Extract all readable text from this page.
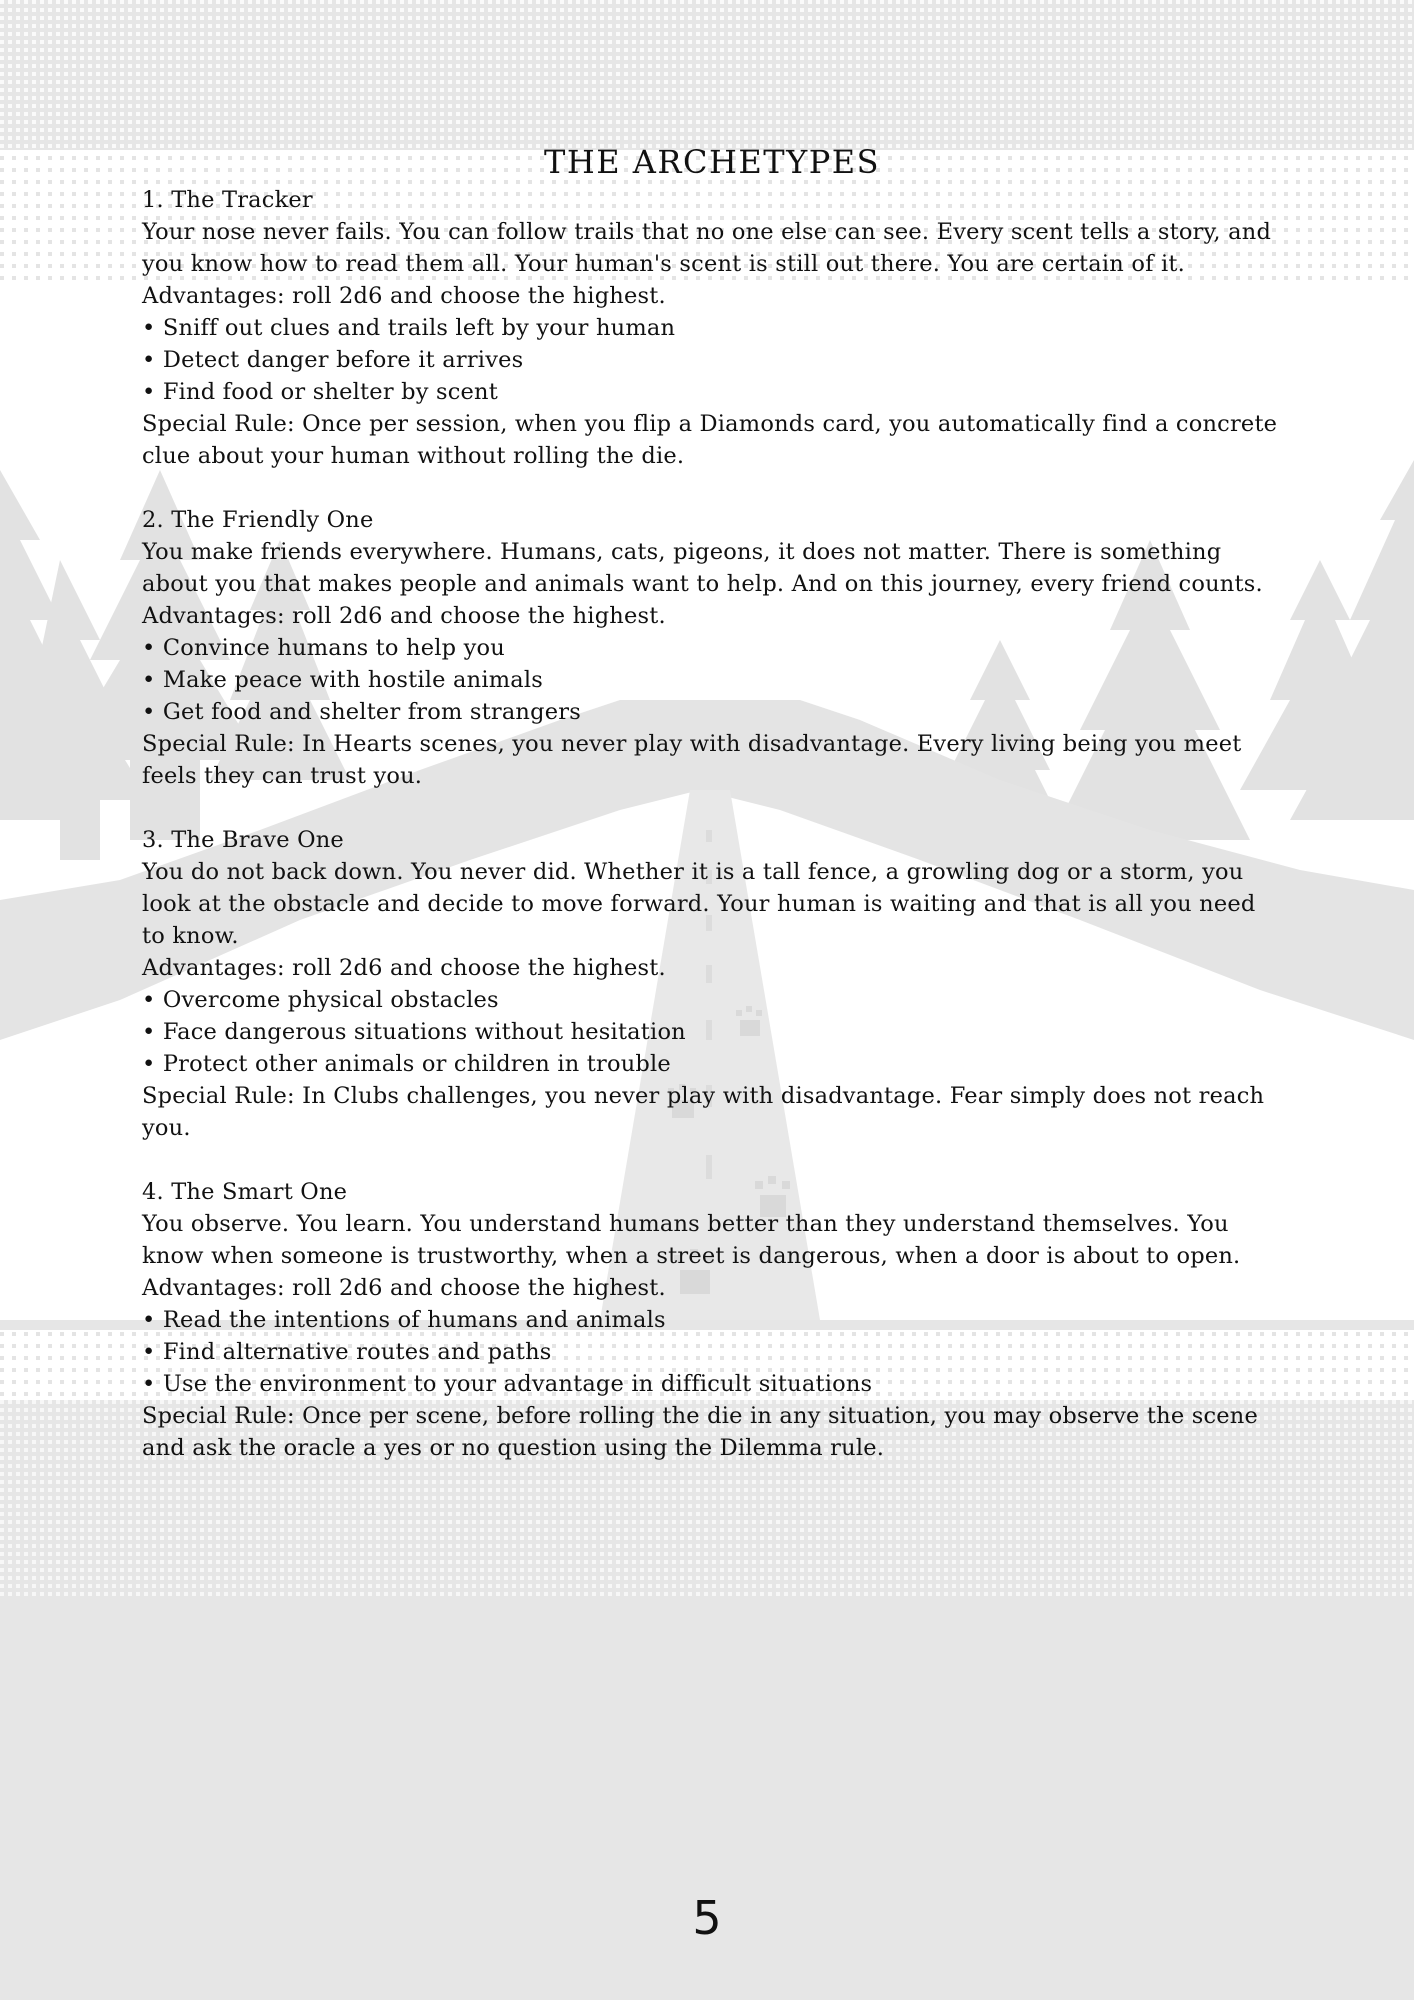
THE ARCHETYPES

1. The Tracker

Your nose never fails. You can follow trails that no one else can see. Every scent tells a story, and you know how to read them all. Your human's scent is still out there. You are certain of it.

Advantages: roll 2d6 and choose the highest.

• Sniff out clues and trails left by your human

• Detect danger before it arrives

• Find food or shelter by scent

Special Rule: Once per session, when you flip a Diamonds card, you automatically find a concrete clue about your human without rolling the die.

2. The Friendly One

You make friends everywhere. Humans, cats, pigeons, it does not matter. There is something about you that makes people and animals want to help. And on this journey, every friend counts.

Advantages: roll 2d6 and choose the highest.

• Convince humans to help you

• Make peace with hostile animals

• Get food and shelter from strangers

Special Rule: In Hearts scenes, you never play with disadvantage. Every living being you meet feels they can trust you.

3. The Brave One

You do not back down. You never did. Whether it is a tall fence, a growling dog or a storm, you look at the obstacle and decide to move forward. Your human is waiting and that is all you need to know.

Advantages: roll 2d6 and choose the highest.

• Overcome physical obstacles

• Face dangerous situations without hesitation

• Protect other animals or children in trouble

Special Rule: In Clubs challenges, you never play with disadvantage. Fear simply does not reach you.

4. The Smart One

You observe. You learn. You understand humans better than they understand themselves. You know when someone is trustworthy, when a street is dangerous, when a door is about to open.

Advantages: roll 2d6 and choose the highest.

• Read the intentions of humans and animals

• Find alternative routes and paths

• Use the environment to your advantage in difficult situations

Special Rule: Once per scene, before rolling the die in any situation, you may observe the scene and ask the oracle a yes or no question using the Dilemma rule.

5
